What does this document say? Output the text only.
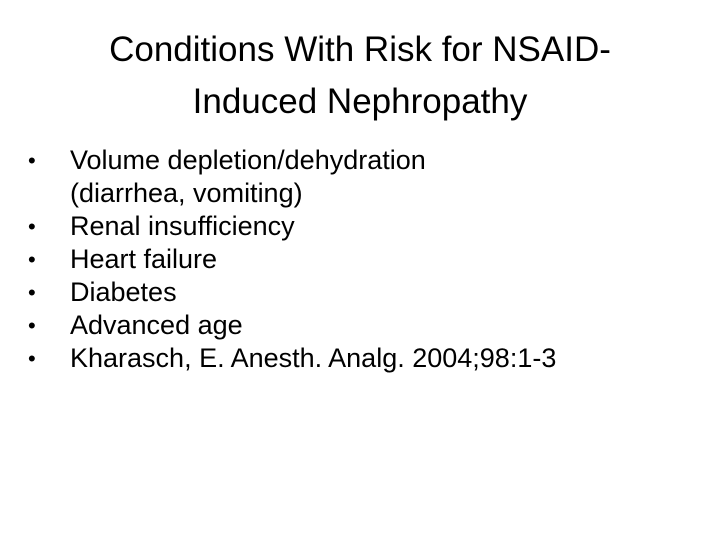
Conditions With Risk for NSAID-
Induced Nephropathy
•	Volume depletion/dehydration
(diarrhea, vomiting)
•	Renal insufficiency
•	Heart failure
•	Diabetes
•	Advanced age
•	Kharasch, E. Anesth. Analg. 2004;98:1-3
